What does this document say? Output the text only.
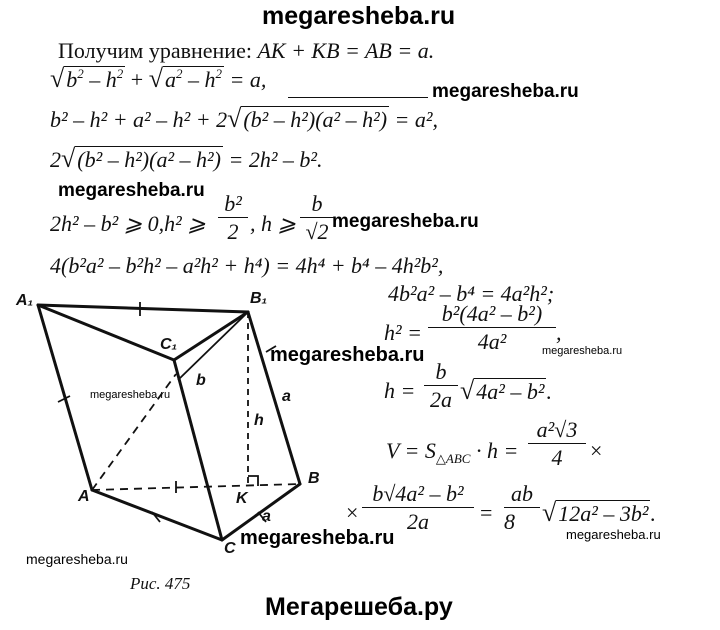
megaresheba.ru
megaresheba.ru
megaresheba.ru
megaresheba.ru
megaresheba.ru
megaresheba.ru
megaresheba.ru
megaresheba.ru
megaresheba.ru	megaresheba.ru
Мегарешеба.ру
Получим уравнение: AK + KB = AB = a.
$√b^2 - h^2 + √a^2 - h^2 = a$,
b² – h² + a² – h² + 2√(b² – h²)(a² – h²) = a²,
2√(b² – h²)(a² – h²) = 2h² – b².
2h² – b² ⩾ 0,h² ⩾
b²
2 , h ⩾
b
√2
4(b²a² – b²h² – a²h² + h⁴) = 4h⁴ + b⁴ – 4h²b²,
4b²a² – b⁴ = 4a²h²;
h² =
b²(4a² – b²)
4a²	,
h =
b
2a √4a² – b².
$V = S_{\triangle ABC} \cdot h$ =
a²√3
4	×
×
b√4a² – b²
2a	=
ab
8	√12a² – 3b².
A₁	B₁
C₁
A
B
C
K
b
h
a
a
Рис. 475
